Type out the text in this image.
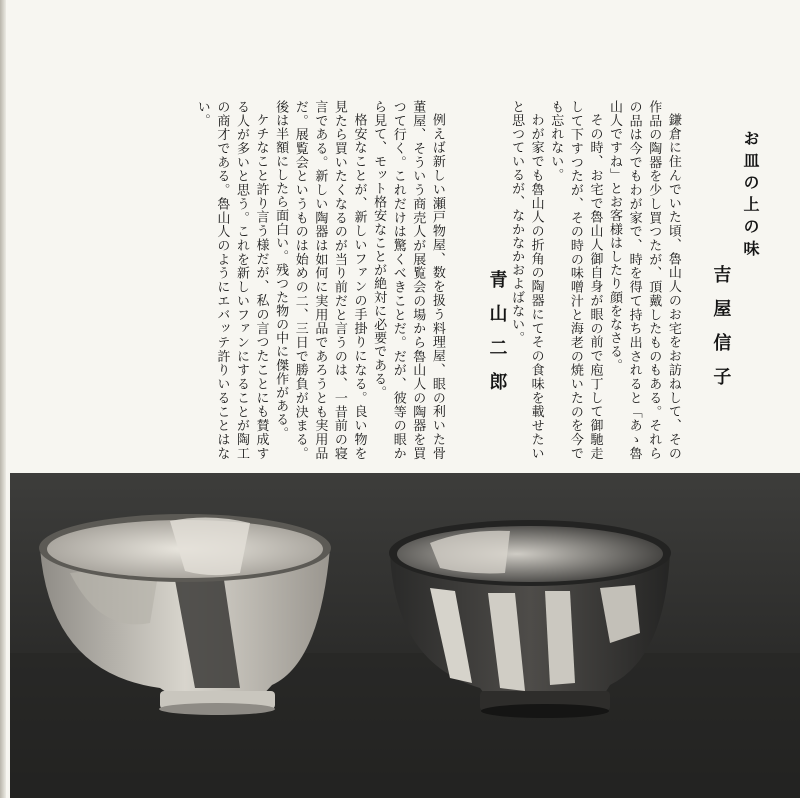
お皿の上の味
吉屋信子

鎌倉に住んでいた頃、魯山人のお宅をお訪ねして、その作品の陶器を少し買つたが、頂戴したものもある。それらの品は今でもわが家で、時を得て持ち出されると「あゝ魯山人ですね」とお客様はしたり顔をなさる。

その時、お宅で魯山人御自身が眼の前で庖丁して御馳走して下すつたが、その時の味噌汁と海老の焼いたのを今でも忘れない。

わが家でも魯山人の折角の陶器にてその食味を載せたいと思つているが、なかなかおよばない。

青山二郎

例えば新しい瀬戸物屋、数を扱う料理屋、眼の利いた骨董屋、そういう商売人が展覧会の場から魯山人の陶器を買つて行く。これだけは驚くべきことだ。だが、彼等の眼から見て、モット格安なことが絶対に必要である。

格安なことが、新しいファンの手掛りになる。良い物を見たら買いたくなるのが当り前だと言うのは、一昔前の寝言である。新しい陶器は如何に実用品であろうとも実用品だ。展覧会というものは始めの二、三日で勝負が決まる。後は半額にしたら面白い。残つた物の中に傑作がある。

ケチなこと許り言う様だが、私の言つたことにも賛成する人が多いと思う。これを新しいファンにすることが陶工の商才である。魯山人のようにエバッテ許りいることはない。
